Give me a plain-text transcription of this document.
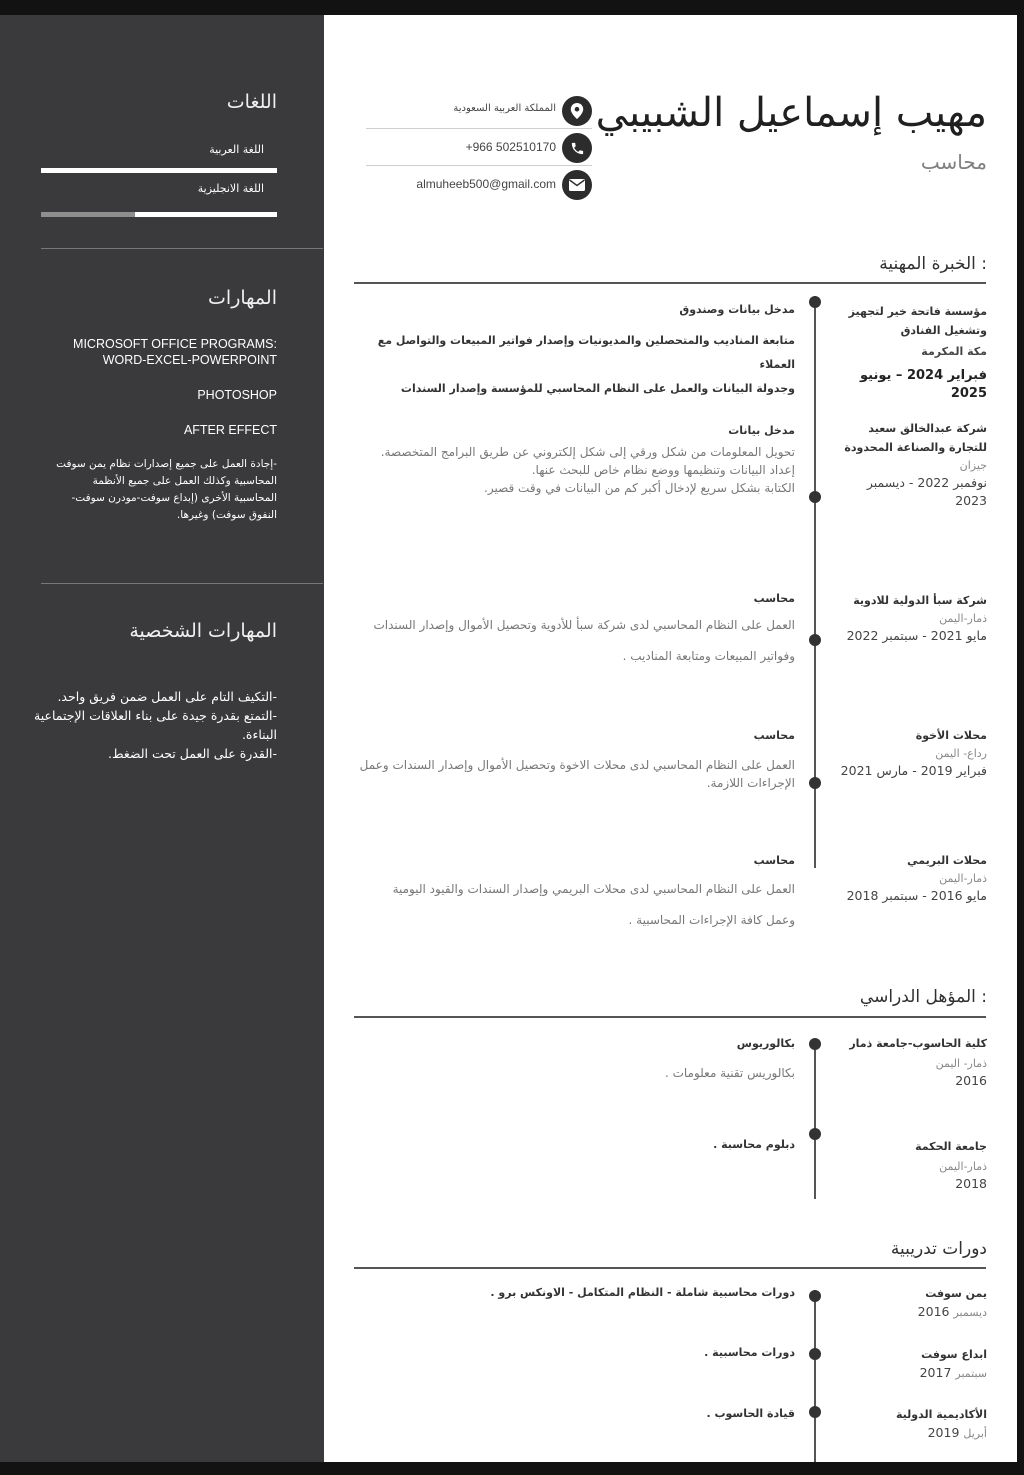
اللغات
اللغة العربية
اللغة الانجليزية
المهارات
MICROSOFT OFFICE PROGRAMS:
WORD-EXCEL-POWERPOINT
PHOTOSHOP
AFTER EFFECT
-إجادة العمل على جميع إصدارات نظام يمن سوفت المحاسبية وكذلك العمل على جميع الأنظمة المحاسبية الأخرى (إبداع سوفت-مودرن سوفت-النفوق سوفت) وغيرها.
المهارات الشخصية
-التكيف التام على العمل ضمن فريق واحد.
-التمتع بقدرة جيدة على بناء العلاقات الإجتماعية البناءة.
-القدرة على العمل تحت الضغط.
مهيب إسماعيل الشبيبي
محاسب
المملكة العربية السعودية
+966 502510170
almuheeb500@gmail.com
الخبرة المهنية :
مؤسسة فاتحة خير لتجهيز وتشغيل الفنادق
مكة المكرمة
فبراير 2024 – يونيو 2025
مدخل بيانات وصندوق
متابعة المناديب والمتحصلين والمديونيات وإصدار فواتير المبيعات والتواصل مع العملاء
وجدولة البيانات والعمل على النظام المحاسبي للمؤسسة وإصدار السندات
شركة عبدالخالق سعيد للتجارة والصناعة المحدودة
جيزان
نوفمبر 2022 - ديسمبر 2023
مدخل بيانات
تحويل المعلومات من شكل ورقي إلى شكل إلكتروني عن طريق البرامج المتخصصة.
إعداد البيانات وتنظيمها ووضع نظام خاص للبحث عنها.
الكتابة بشكل سريع لإدخال أكبر كم من البيانات في وقت قصير.
شركة سبأ الدولية للادوية
ذمار-اليمن
مايو 2021 - سبتمبر 2022
محاسب
العمل على النظام المحاسبي لدى شركة سبأ للأدوية وتحصيل الأموال وإصدار السندات
وفواتير المبيعات ومتابعة المناديب .
محلات الأخوة
رداع- اليمن
فبراير 2019 - مارس 2021
محاسب
العمل على النظام المحاسبي لدى محلات الاخوة وتحصيل الأموال وإصدار السندات وعمل
الإجراءات اللازمة.
محلات البريمي
ذمار-اليمن
مايو 2016 - سبتمبر 2018
محاسب
العمل على النظام المحاسبي لدى محلات البريمي وإصدار السندات والقيود اليومية
وعمل كافة الإجراءات المحاسبية .
المؤهل الدراسي :
كلية الحاسوب-جامعة ذمار
ذمار- اليمن
2016
بكالوريوس
بكالوريس تقنية معلومات .
جامعة الحكمة
ذمار-اليمن
2018
دبلوم محاسبة .
دورات تدريبية
يمن سوفت
ديسمبر 2016
دورات محاسبية شاملة - النظام المتكامل - الاونكس برو .
ابداع سوفت
سبتمبر 2017
دورات محاسبية .
الأكاديمية الدولية
أبريل 2019
قيادة الحاسوب .
